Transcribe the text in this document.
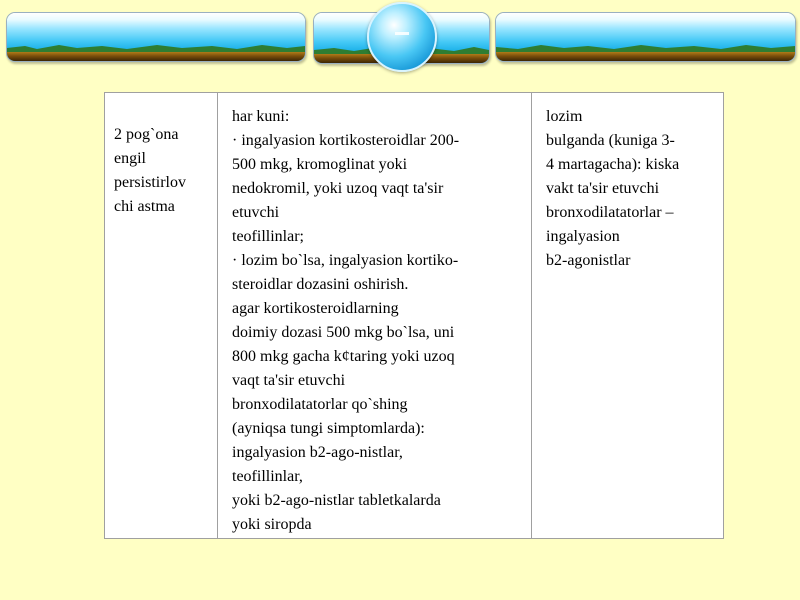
2 pog`ona
engil
persistirlov
chi astma
har kuni:
· ingalyasion kortikosteroidlar 200-
500 mkg, kromoglinat yoki
nedokromil, yoki uzoq vaqt ta'sir
etuvchi
teofillinlar;
· lozim bo`lsa, ingalyasion kortiko-
steroidlar dozasini oshirish.
agar kortikosteroidlarning
doimiy dozasi 500 mkg bo`lsa, uni
800 mkg gacha k¢taring yoki uzoq
vaqt ta'sir etuvchi
bronxodilatatorlar qo`shing
(ayniqsa tungi simptomlarda):
ingalyasion b2-ago-nistlar,
teofillinlar,
yoki b2-ago-nistlar tabletkalarda
yoki siropda
lozim
bulganda (kuniga 3-
4 martagacha): kiska
vakt ta'sir etuvchi
bronxodilatatorlar –
ingalyasion
b2-agonistlar
